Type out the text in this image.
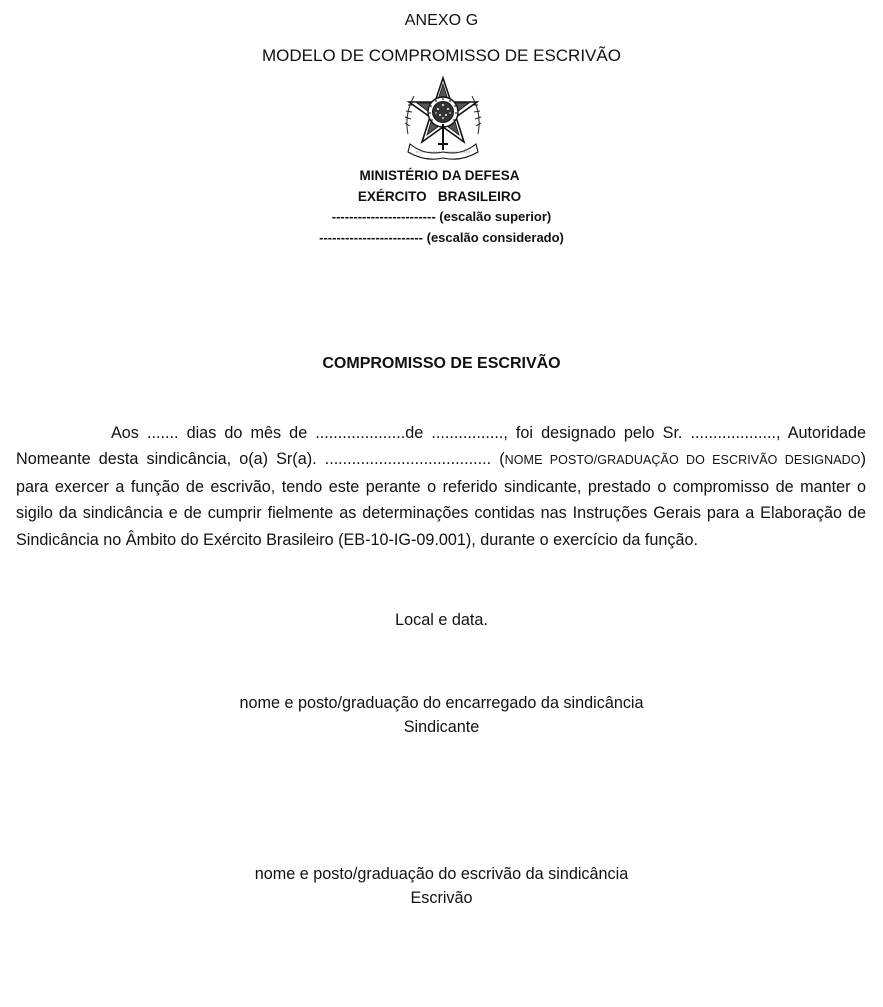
ANEXO G
MODELO DE COMPROMISSO DE ESCRIVÃO
MINISTÉRIO DA DEFESA
EXÉRCITO   BRASILEIRO
------------------------ (escalão superior)
------------------------ (escalão considerado)
COMPROMISSO DE ESCRIVÃO

Aos ....... dias do mês de ....................de ................, foi designado pelo Sr. ..................., Autoridade Nomeante desta sindicância, o(a) Sr(a). ..................................... (NOME POSTO/GRADUAÇÃO DO ESCRIVÃO DESIGNADO) para exercer a função de escrivão, tendo este perante o referido sindicante, prestado o compromisso de manter o sigilo da sindicância e de cumprir fielmente as determinações contidas nas Instruções Gerais para a Elaboração de Sindicância no Âmbito do Exército Brasileiro (EB-10-IG-09.001), durante o exercício da função.

Local e data.
nome e posto/graduação do encarregado da sindicância
Sindicante
nome e posto/graduação do escrivão da sindicância
Escrivão
